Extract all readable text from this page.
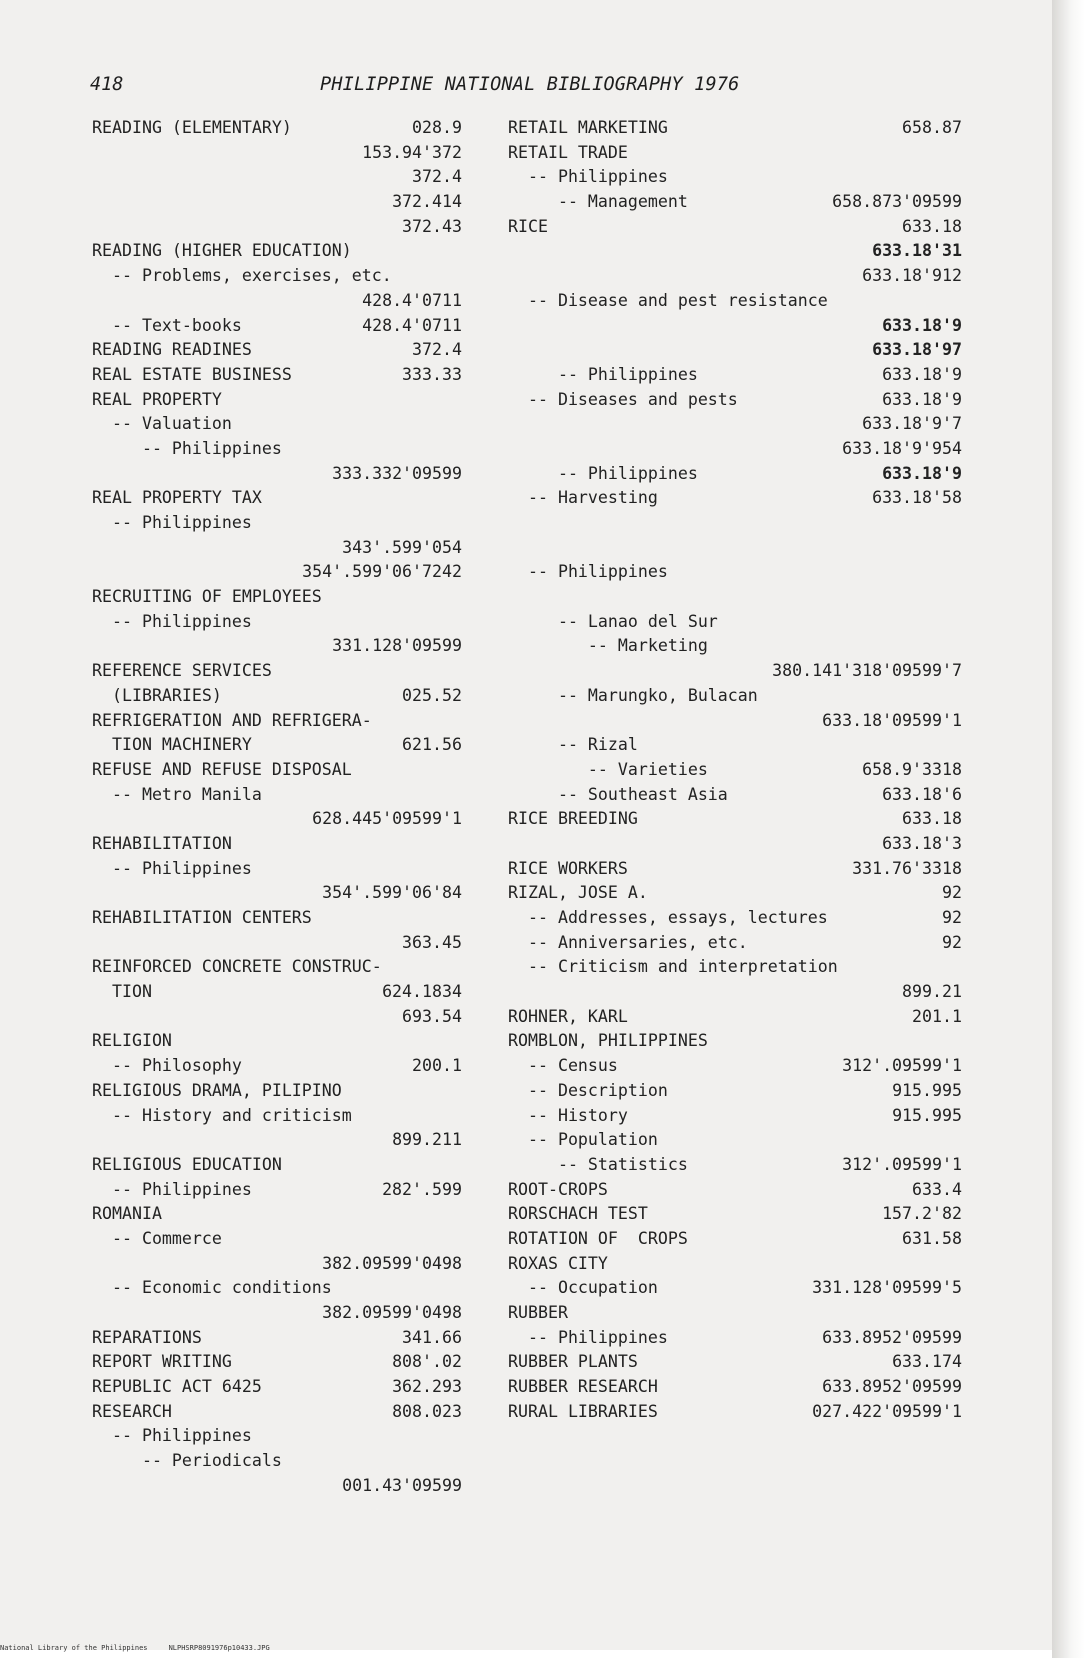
418	PHILIPPINE NATIONAL BIBLIOGRAPHY 1976
READING (ELEMENTARY)	028.9
153.94'372
372.4
372.414
372.43
READING (HIGHER EDUCATION)
-- Problems, exercises, etc.
428.4'0711
-- Text-books	428.4'0711
READING READINES	372.4
REAL ESTATE BUSINESS	333.33
REAL PROPERTY
-- Valuation
-- Philippines
333.332'09599
REAL PROPERTY TAX
-- Philippines
343'.599'054
354'.599'06'7242
RECRUITING OF EMPLOYEES
-- Philippines
331.128'09599
REFERENCE SERVICES
(LIBRARIES)	025.52
REFRIGERATION AND REFRIGERA-
TION MACHINERY	621.56
REFUSE AND REFUSE DISPOSAL
-- Metro Manila
628.445'09599'1
REHABILITATION
-- Philippines
354'.599'06'84
REHABILITATION CENTERS
363.45
REINFORCED CONCRETE CONSTRUC-
TION	624.1834
693.54
RELIGION
-- Philosophy	200.1
RELIGIOUS DRAMA, PILIPINO
-- History and criticism
899.211
RELIGIOUS EDUCATION
-- Philippines	282'.599
ROMANIA
-- Commerce
382.09599'0498
-- Economic conditions
382.09599'0498
REPARATIONS	341.66
REPORT WRITING	808'.02
REPUBLIC ACT 6425	362.293
RESEARCH	808.023
-- Philippines
-- Periodicals
001.43'09599
RETAIL MARKETING	658.87
RETAIL TRADE
-- Philippines
-- Management	658.873'09599
RICE	633.18
633.18'31
633.18'912
-- Disease and pest resistance
633.18'9
633.18'97
-- Philippines	633.18'9
-- Diseases and pests	633.18'9
633.18'9'7
633.18'9'954
-- Philippines	633.18'9
-- Harvesting	633.18'58
-- Philippines
-- Lanao del Sur
-- Marketing
380.141'318'09599'7
-- Marungko, Bulacan
633.18'09599'1
-- Rizal
-- Varieties	658.9'3318
-- Southeast Asia	633.18'6
RICE BREEDING	633.18
633.18'3
RICE WORKERS	331.76'3318
RIZAL, JOSE A.	92
-- Addresses, essays, lectures	92
-- Anniversaries, etc.	92
-- Criticism and interpretation
899.21
ROHNER, KARL	201.1
ROMBLON, PHILIPPINES
-- Census	312'.09599'1
-- Description	915.995
-- History	915.995
-- Population
-- Statistics	312'.09599'1
ROOT-CROPS	633.4
RORSCHACH TEST	157.2'82
ROTATION OF  CROPS	631.58
ROXAS CITY
-- Occupation	331.128'09599'5
RUBBER
-- Philippines	633.8952'09599
RUBBER PLANTS	633.174
RUBBER RESEARCH	633.8952'09599
RURAL LIBRARIES	027.422'09599'1
National Library of the Philippines     NLPHSRP8091976p10433.JPG
